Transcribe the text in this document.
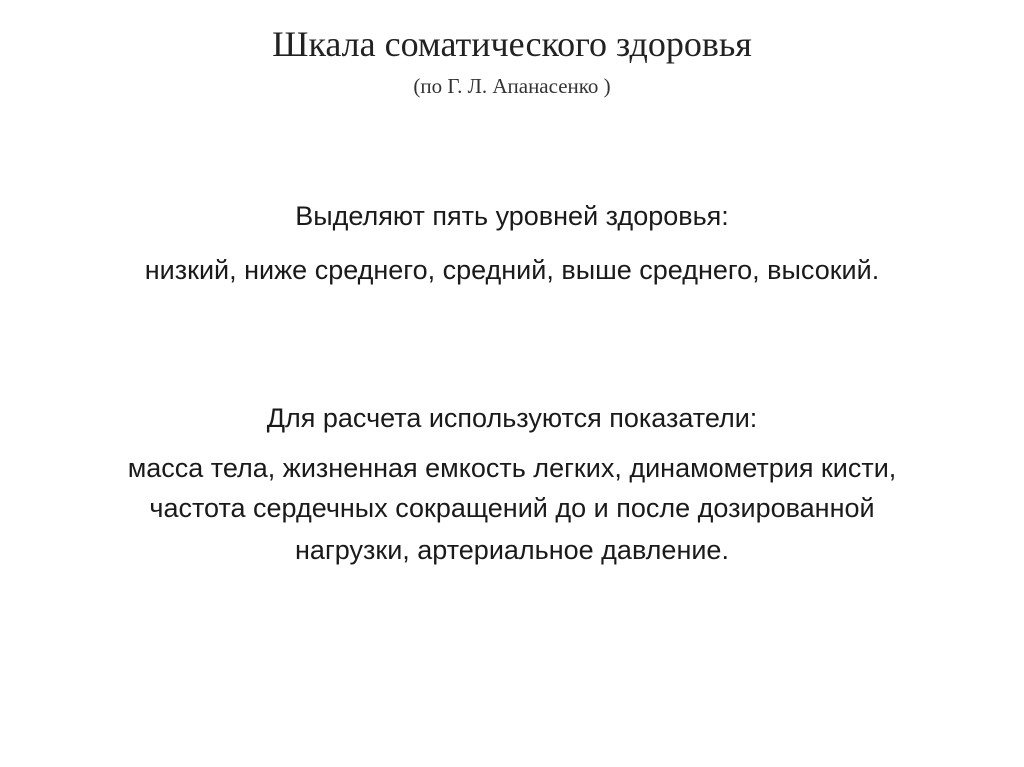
Шкала соматического здоровья
(по Г. Л. Апанасенко )
Выделяют пять уровней здоровья:
низкий, ниже среднего, средний, выше среднего, высокий.
Для расчета используются показатели:
масса тела, жизненная емкость легких, динамометрия кисти,
частота сердечных сокращений до и после дозированной
нагрузки, артериальное давление.
